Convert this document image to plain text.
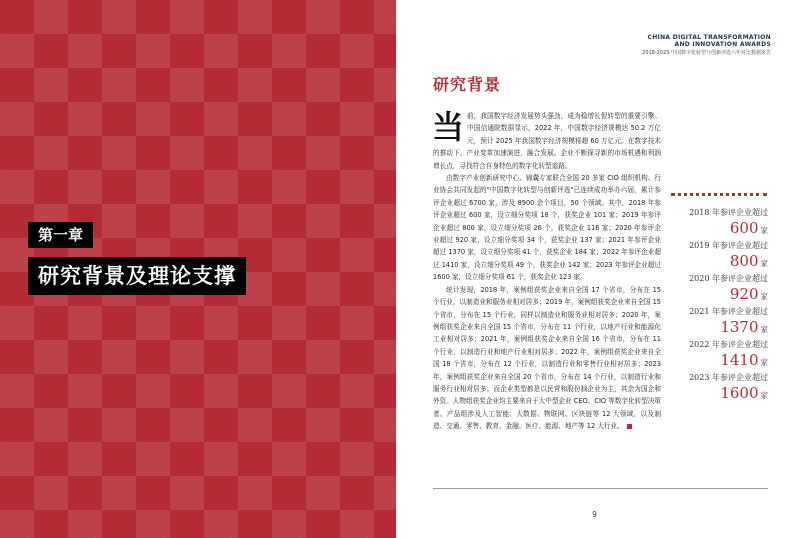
第一章
研究背景及理论支撑
CHINA DIGITAL TRANSFORMATION
AND INNOVATION AWARDS
2018-2023 中国数字化转型与创新评选六年对比数据报告
研究背景

当前，我国数字经济发展势头强劲，成为稳增长促转型的重要引擎。中国信通院数据显示，2022 年，中国数字经济规模达 50.2 万亿元，预计 2025 年我国数字经济规模将超 60 万亿元。在数字技术的推动下，产业变革加速演进，融合发展。企业不断探寻新的市场机遇和利润增长点，寻找符合自身特色的数字化转型道路。

由数字产业创新研究中心、锦囊专家联合全国 20 多家 CIO 组织机构、行业协会共同发起的"中国数字化转型与创新评选"已连续成功举办六届，累计参评企业超过 6700 家，涉及 8900 余个项目，50 个领域。其中，2018 年参评企业超过 600 家，设立细分奖项 18 个，获奖企业 101 家；2019 年参评企业超过 800 家，设立细分奖项 26 个，获奖企业 116 家；2020 年参评企业超过 920 家，设立细分奖项 34 个，获奖企业 137 家；2021 年参评企业超过 1370 家，设立细分奖项 41 个，获奖企业 184 家；2022 年参评企业超过 1410 家，设立细分奖项 49 个，获奖企业 142 家；2023 年参评企业超过 1600 家，设立细分奖项 61 个，获奖企业 123 家。

统计发现，2018 年，案例组获奖企业来自全国 17 个省市，分布在 15 个行业，以制造业和服务业相对居多；2019 年，案例组获奖企业来自全国 15 个省市，分布在 15 个行业，同样以制造业和服务业相对居多；2020 年，案例组获奖企业来自全国 15 个省市，分布在 11 个行业，以地产行业和能源化工业相对居多；2021 年，案例组获奖企业来自全国 16 个省市，分布在 11 个行业，以制造行业和地产行业相对居多；2022 年，案例组获奖企业来自全国 18 个省市，分布在 12 个行业，以制造行业和零售行业相对居多；2023 年，案例组获奖企业来自全国 20 个省市，分布在 14 个行业，以制造行业和服务行业相对居多。而企业类型都是以民营和股份制企业为主，其余为国企和外资。人物组获奖企业均主要来自于大中型企业 CEO、CIO 等数字化转型决策者。产品组涉及人工智能、大数据、物联网、区块链等 12 大领域，以及制造、交通、零售、教育、金融、医疗、能源、地产等 12 大行业。

2018 年参评企业超过
600 家
2019 年参评企业超过
800 家
2020 年参评企业超过
920 家
2021 年参评企业超过
1370 家
2022 年参评企业超过
1410 家
2023 年参评企业超过
1600 家
9
